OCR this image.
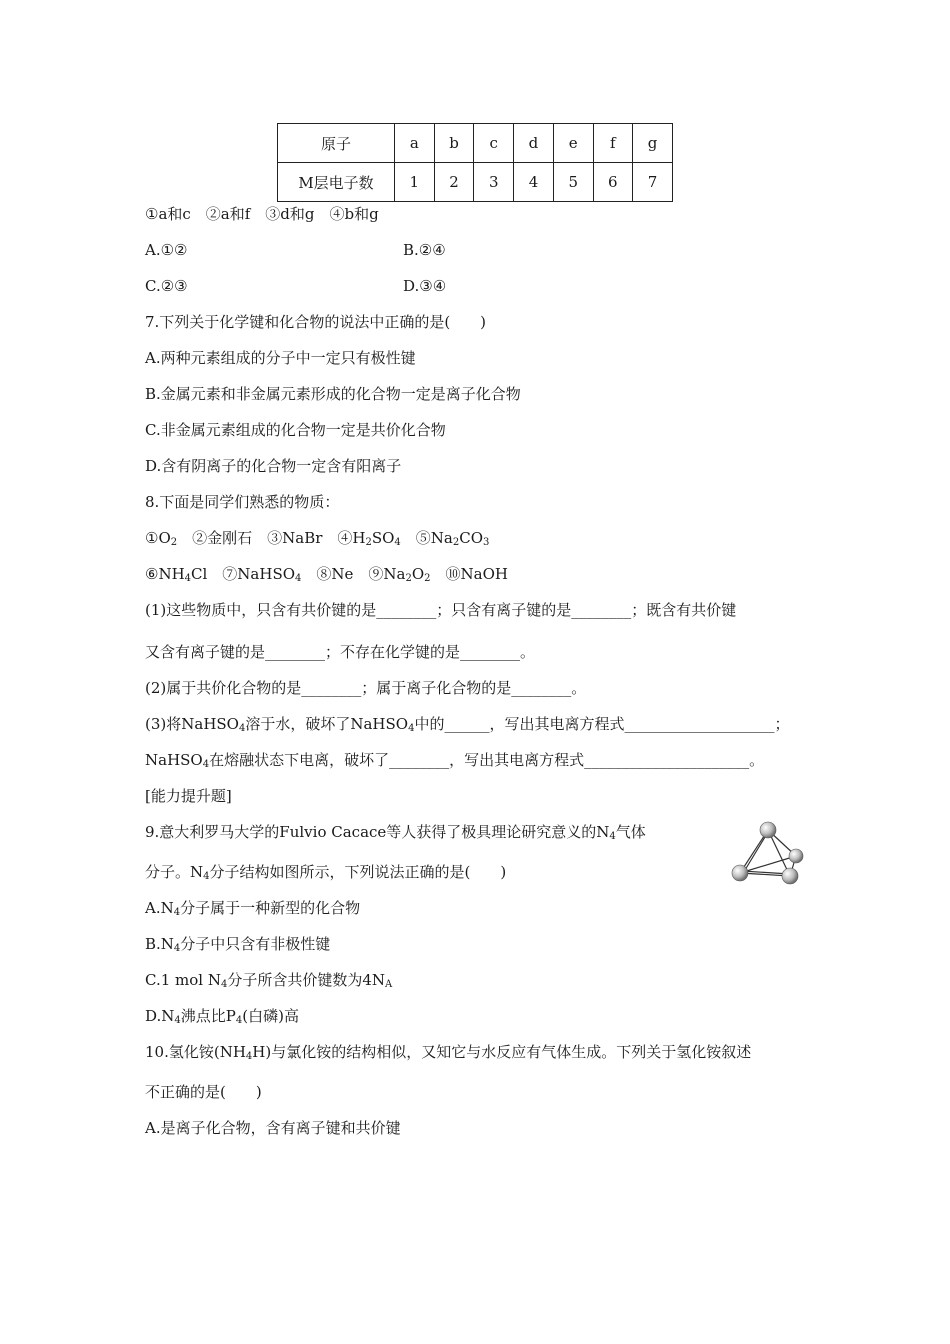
原子	a	b	c	d	e	f	g
M层电子数	1	2	3	4	5	6	7
①a和c　②a和f　③d和g　④b和g
A.①②	B.②④
C.②③	D.③④
7.下列关于化学键和化合物的说法中正确的是(　　)
A.两种元素组成的分子中一定只有极性键
B.金属元素和非金属元素形成的化合物一定是离子化合物
C.非金属元素组成的化合物一定是共价化合物
D.含有阴离子的化合物一定含有阳离子
8.下面是同学们熟悉的物质：
$①O_2$　②金刚石　③NaBr　$④H_2SO_4$　$⑤Na_2CO_3$
$⑥NH_4Cl$　⑦NaHSO$_4$　⑧Ne　$⑨Na_2O_2$　⑩NaOH
(1)这些物质中，只含有共价键的是________；只含有离子键的是________；既含有共价键
又含有离子键的是________；不存在化学键的是________。
(2)属于共价化合物的是________；属于离子化合物的是________。
(3)将NaHSO$_4$溶于水，破坏了NaHSO$_4$中的______，写出其电离方程式____________________；
NaHSO$_4$在熔融状态下电离，破坏了________，写出其电离方程式______________________。
[能力提升题]
9.意大利罗马大学的Fulvio Cacace等人获得了极具理论研究意义的$N_4$气体
分子。$N_4$分子结构如图所示，下列说法正确的是(　　)
$A.N_4$分子属于一种新型的化合物
$B.N_4$分子中只含有非极性键
C.1 mol $N_4$分子所含共价键数为$4N_A$
$D.N_4$沸点比$P_4$(白磷)高
10.氢化铵$(NH_4H)$与氯化铵的结构相似，又知它与水反应有气体生成。下列关于氢化铵叙述
不正确的是(　　)
A.是离子化合物，含有离子键和共价键
